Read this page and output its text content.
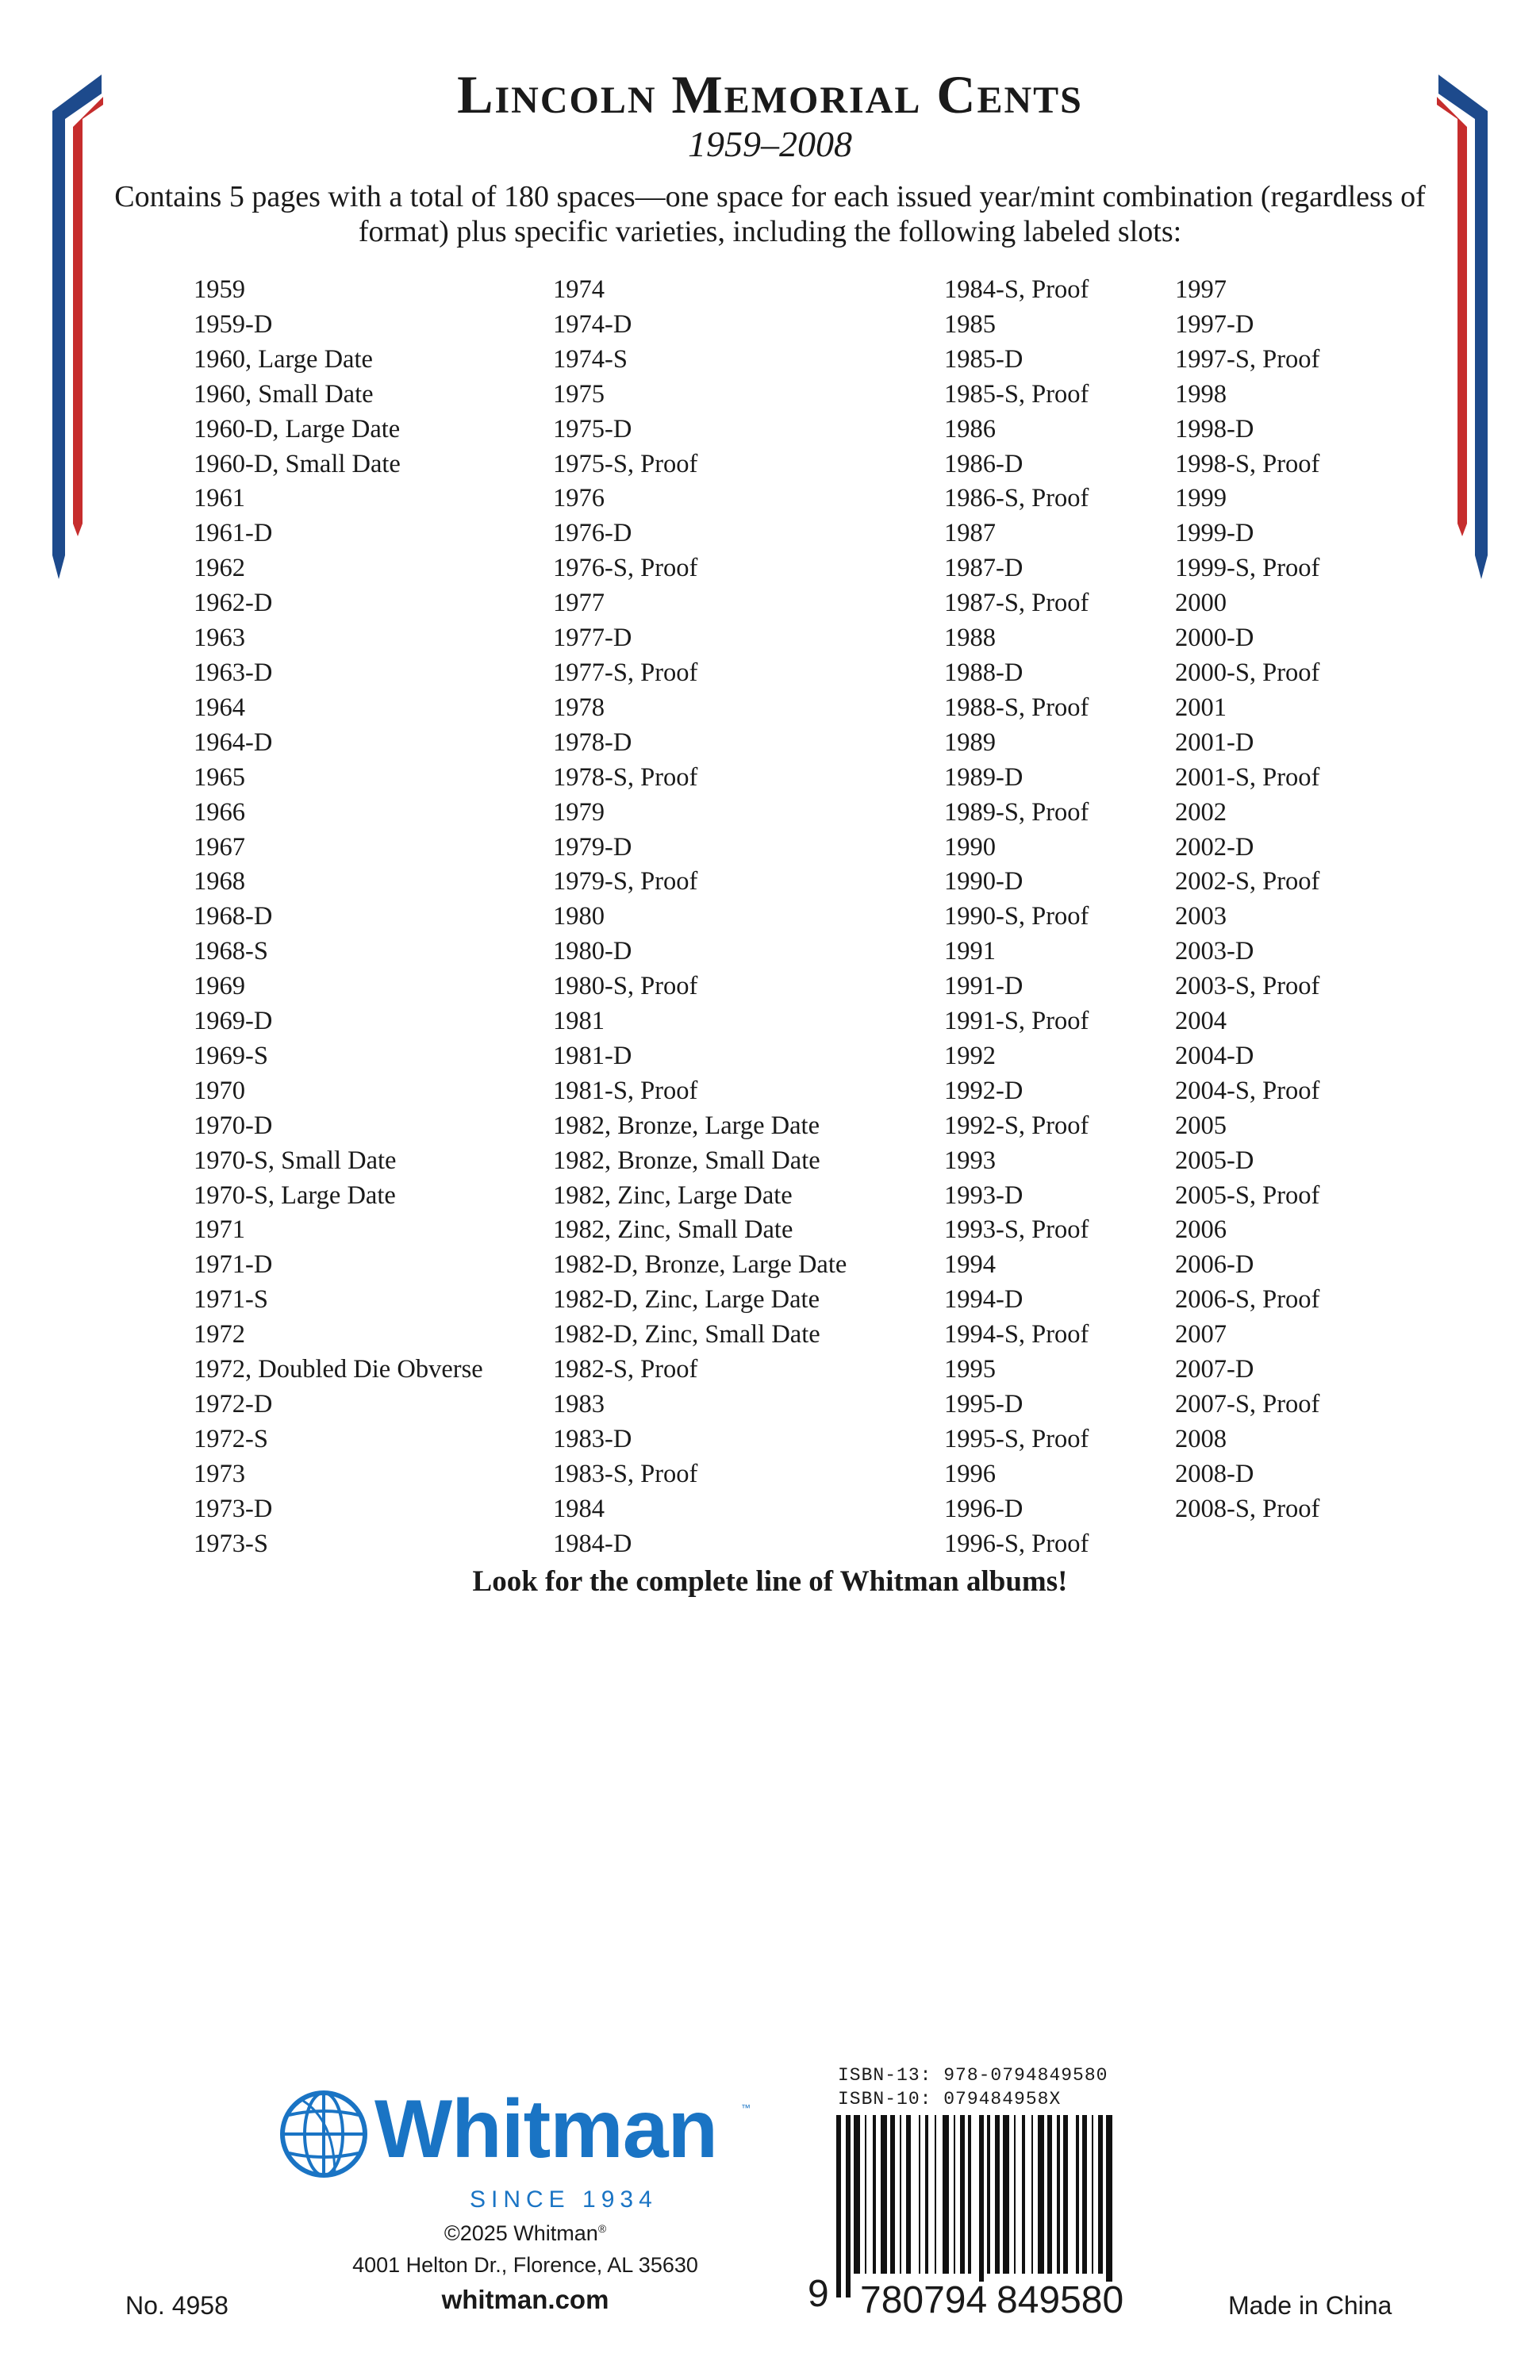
Lincoln Memorial Cents
1959–2008
Contains 5 pages with a total of 180 spaces—one space for each issued year/mint combination (regardless of format) plus specific varieties, including the following labeled slots:
1959
1959-D
1960, Large Date
1960, Small Date
1960-D, Large Date
1960-D, Small Date
1961
1961-D
1962
1962-D
1963
1963-D
1964
1964-D
1965
1966
1967
1968
1968-D
1968-S
1969
1969-D
1969-S
1970
1970-D
1970-S, Small Date
1970-S, Large Date
1971
1971-D
1971-S
1972
1972, Doubled Die Obverse
1972-D
1972-S
1973
1973-D
1973-S
1974
1974-D
1974-S
1975
1975-D
1975-S, Proof
1976
1976-D
1976-S, Proof
1977
1977-D
1977-S, Proof
1978
1978-D
1978-S, Proof
1979
1979-D
1979-S, Proof
1980
1980-D
1980-S, Proof
1981
1981-D
1981-S, Proof
1982, Bronze, Large Date
1982, Bronze, Small Date
1982, Zinc, Large Date
1982, Zinc, Small Date
1982-D, Bronze, Large Date
1982-D, Zinc, Large Date
1982-D, Zinc, Small Date
1982-S, Proof
1983
1983-D
1983-S, Proof
1984
1984-D
1984-S, Proof
1985
1985-D
1985-S, Proof
1986
1986-D
1986-S, Proof
1987
1987-D
1987-S, Proof
1988
1988-D
1988-S, Proof
1989
1989-D
1989-S, Proof
1990
1990-D
1990-S, Proof
1991
1991-D
1991-S, Proof
1992
1992-D
1992-S, Proof
1993
1993-D
1993-S, Proof
1994
1994-D
1994-S, Proof
1995
1995-D
1995-S, Proof
1996
1996-D
1996-S, Proof
1997
1997-D
1997-S, Proof
1998
1998-D
1998-S, Proof
1999
1999-D
1999-S, Proof
2000
2000-D
2000-S, Proof
2001
2001-D
2001-S, Proof
2002
2002-D
2002-S, Proof
2003
2003-D
2003-S, Proof
2004
2004-D
2004-S, Proof
2005
2005-D
2005-S, Proof
2006
2006-D
2006-S, Proof
2007
2007-D
2007-S, Proof
2008
2008-D
2008-S, Proof
Look for the complete line of Whitman albums!
Whitman ™
SINCE 1934
©2025 Whitman®
4001 Helton Dr., Florence, AL 35630
whitman.com
No. 4958	Made in China
ISBN-13: 978-0794849580
ISBN-10: 079484958X
9 780794 849580
